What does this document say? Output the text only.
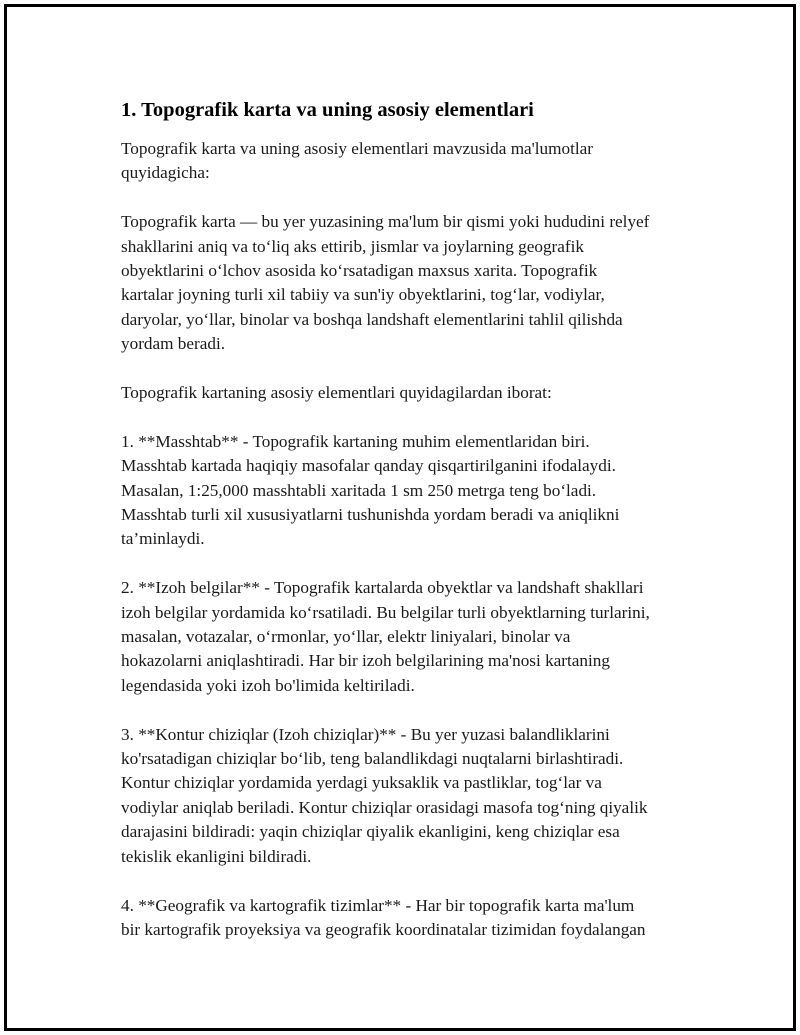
1. Topografik karta va uning asosiy elementlari
Topografik karta va uning asosiy elementlari mavzusida ma'lumotlar
quyidagicha:
Topografik karta — bu yer yuzasining ma'lum bir qismi yoki hududini relyef
shakllarini aniq va to‘liq aks ettirib, jismlar va joylarning geografik
obyektlarini o‘lchov asosida ko‘rsatadigan maxsus xarita. Topografik
kartalar joyning turli xil tabiiy va sun'iy obyektlarini, tog‘lar, vodiylar,
daryolar, yo‘llar, binolar va boshqa landshaft elementlarini tahlil qilishda
yordam beradi.
Topografik kartaning asosiy elementlari quyidagilardan iborat:
1. **Masshtab** - Topografik kartaning muhim elementlaridan biri.
Masshtab kartada haqiqiy masofalar qanday qisqartirilganini ifodalaydi.
Masalan, 1:25,000 masshtabli xaritada 1 sm 250 metrga teng bo‘ladi.
Masshtab turli xil xususiyatlarni tushunishda yordam beradi va aniqlikni
ta’minlaydi.
2. **Izoh belgilar** - Topografik kartalarda obyektlar va landshaft shakllari
izoh belgilar yordamida ko‘rsatiladi. Bu belgilar turli obyektlarning turlarini,
masalan, votazalar, o‘rmonlar, yo‘llar, elektr liniyalari, binolar va
hokazolarni aniqlashtiradi. Har bir izoh belgilarining ma'nosi kartaning
legendasida yoki izoh bo'limida keltiriladi.
3. **Kontur chiziqlar (Izoh chiziqlar)** - Bu yer yuzasi balandliklarini
ko'rsatadigan chiziqlar bo‘lib, teng balandlikdagi nuqtalarni birlashtiradi.
Kontur chiziqlar yordamida yerdagi yuksaklik va pastliklar, tog‘lar va
vodiylar aniqlab beriladi. Kontur chiziqlar orasidagi masofa tog‘ning qiyalik
darajasini bildiradi: yaqin chiziqlar qiyalik ekanligini, keng chiziqlar esa
tekislik ekanligini bildiradi.
4. **Geografik va kartografik tizimlar** - Har bir topografik karta ma'lum
bir kartografik proyeksiya va geografik koordinatalar tizimidan foydalangan
